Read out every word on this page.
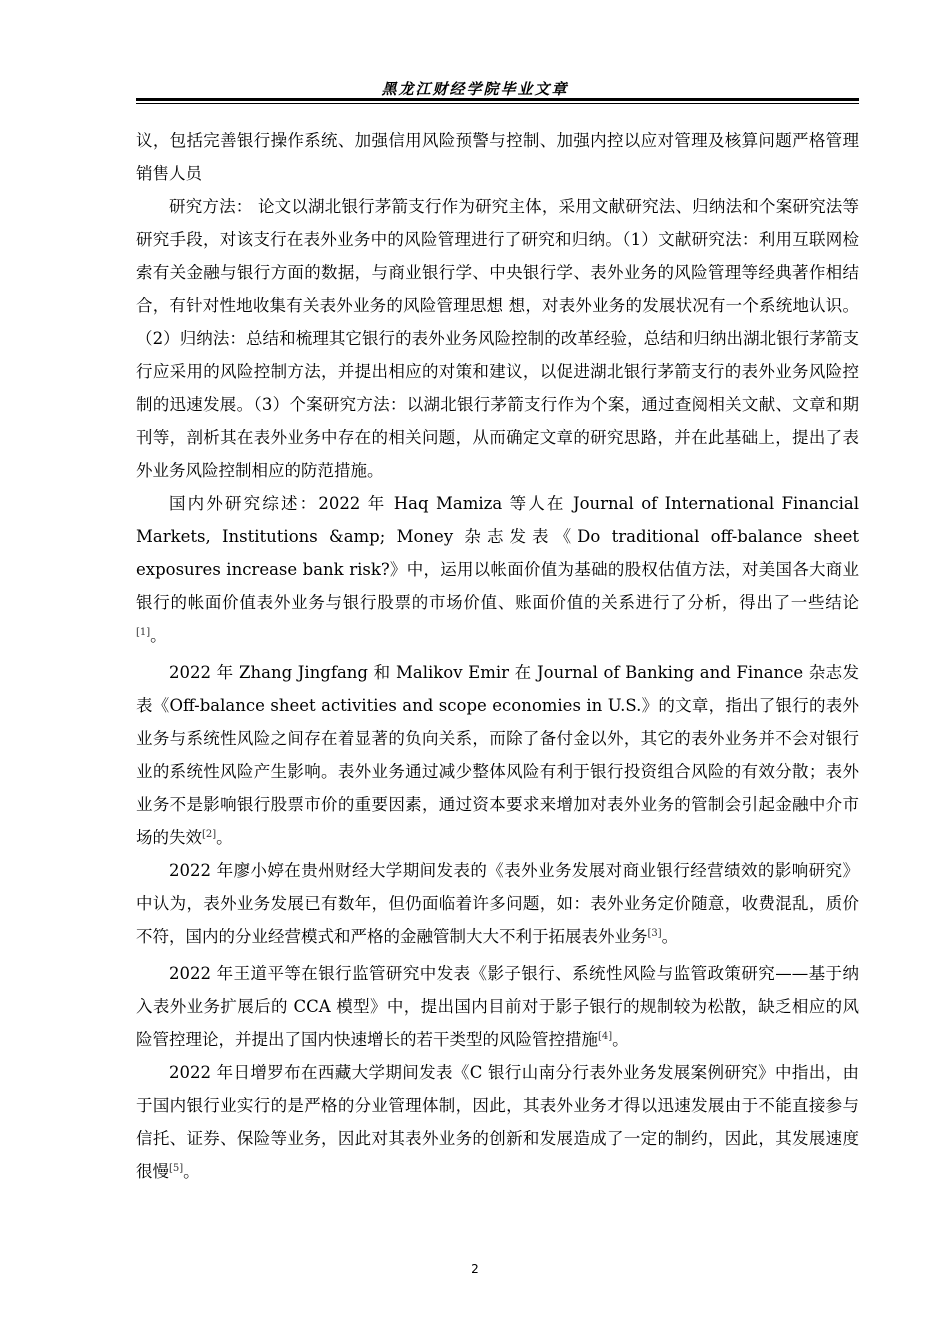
黑龙江财经学院毕业文章

议，包括完善银行操作系统、加强信用风险预警与控制、加强内控以应对管理及核算问题严格管理销售人员

研究方法： 论文以湖北银行茅箭支行作为研究主体，采用文献研究法、归纳法和个案研究法等研究手段，对该支行在表外业务中的风险管理进行了研究和归纳。（1）文献研究法：利用互联网检索有关金融与银行方面的数据，与商业银行学、中央银行学、表外业务的风险管理等经典著作相结合，有针对性地收集有关表外业务的风险管理思想 想，对表外业务的发展状况有一个系统地认识。（2）归纳法：总结和梳理其它银行的表外业务风险控制的改革经验，总结和归纳出湖北银行茅箭支行应采用的风险控制方法，并提出相应的对策和建议，以促进湖北银行茅箭支行的表外业务风险控制的迅速发展。（3）个案研究方法：以湖北银行茅箭支行作为个案，通过查阅相关文献、文章和期刊等，剖析其在表外业务中存在的相关问题，从而确定文章的研究思路，并在此基础上，提出了表外业务风险控制相应的防范措施。

国内外研究综述：2022 年 Haq Mamiza 等人在 Journal of International Financial Markets, Institutions &amp; Money 杂志发表《Do traditional off-balance sheet exposures increase bank risk?》中，运用以帐面价值为基础的股权估值方法，对美国各大商业银行的帐面价值表外业务与银行股票的市场价值、账面价值的关系进行了分析，得出了一些结论[1]。

2022 年 Zhang Jingfang 和 Malikov Emir 在 Journal of Banking and Finance 杂志发表《Off-balance sheet activities and scope economies in U.S.》的文章，指出了银行的表外业务与系统性风险之间存在着显著的负向关系，而除了备付金以外，其它的表外业务并不会对银行业的系统性风险产生影响。表外业务通过减少整体风险有利于银行投资组合风险的有效分散；表外业务不是影响银行股票市价的重要因素，通过资本要求来增加对表外业务的管制会引起金融中介市场的失效[2]。

2022 年廖小婷在贵州财经大学期间发表的《表外业务发展对商业银行经营绩效的影响研究》中认为，表外业务发展已有数年，但仍面临着许多问题，如：表外业务定价随意，收费混乱，质价不符，国内的分业经营模式和严格的金融管制大大不利于拓展表外业务[3]。

2022 年王道平等在银行监管研究中发表《影子银行、系统性风险与监管政策研究——基于纳入表外业务扩展后的 CCA 模型》中，提出国内目前对于影子银行的规制较为松散，缺乏相应的风险管控理论，并提出了国内快速增长的若干类型的风险管控措施[4]。

2022 年日增罗布在西藏大学期间发表《C 银行山南分行表外业务发展案例研究》中指出，由于国内银行业实行的是严格的分业管理体制，因此，其表外业务才得以迅速发展由于不能直接参与信托、证券、保险等业务，因此对其表外业务的创新和发展造成了一定的制约，因此，其发展速度很慢[5]。

2
